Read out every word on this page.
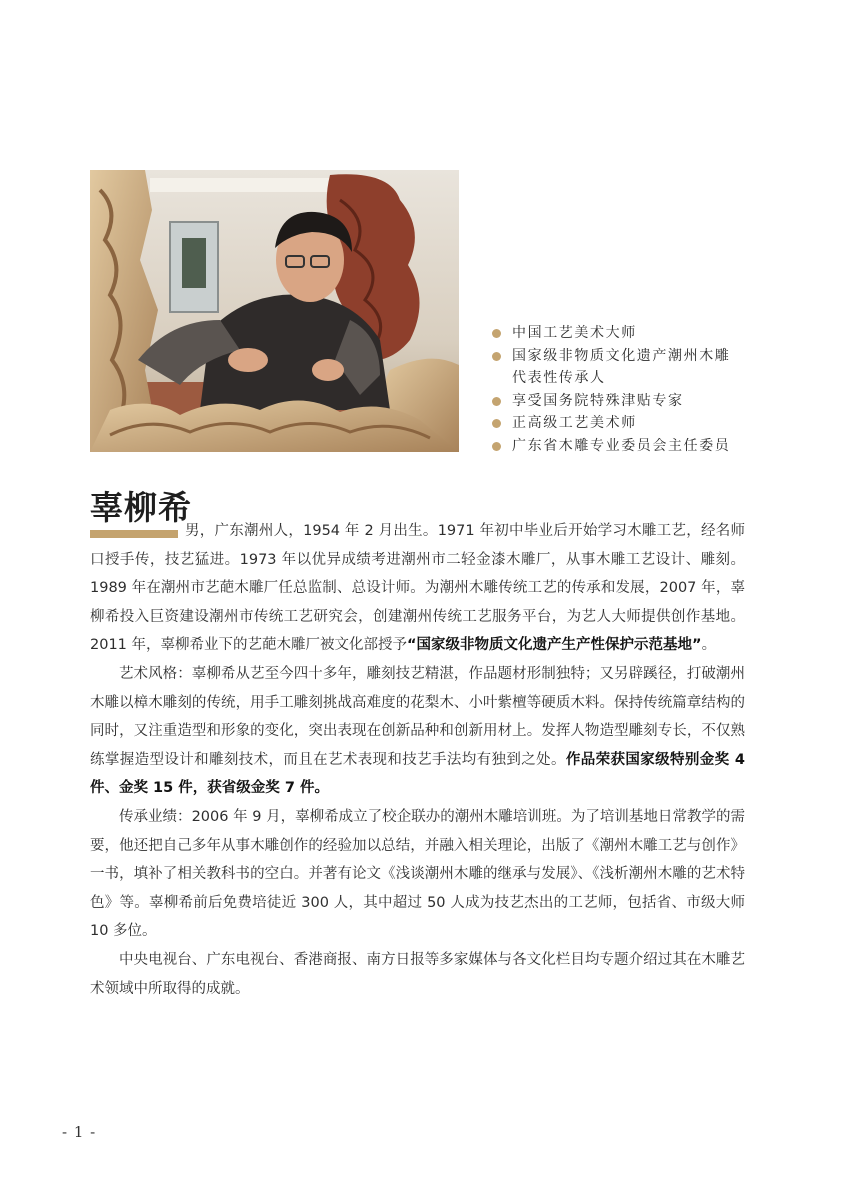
中国工艺美术大师
国家级非物质文化遗产潮州木雕
代表性传承人
享受国务院特殊津贴专家
正高级工艺美术师
广东省木雕专业委员会主任委员
辜柳希

男，广东潮州人，1954 年 2 月出生。1971 年初中毕业后开始学习木雕工艺，经名师口授手传，技艺猛进。1973 年以优异成绩考进潮州市二轻金漆木雕厂，从事木雕工艺设计、雕刻。1989 年在潮州市艺葩木雕厂任总监制、总设计师。为潮州木雕传统工艺的传承和发展，2007 年，辜柳希投入巨资建设潮州市传统工艺研究会，创建潮州传统工艺服务平台，为艺人大师提供创作基地。2011 年，辜柳希业下的艺葩木雕厂被文化部授予“国家级非物质文化遗产生产性保护示范基地”。

艺术风格：辜柳希从艺至今四十多年，雕刻技艺精湛，作品题材形制独特；又另辟蹊径，打破潮州木雕以樟木雕刻的传统，用手工雕刻挑战高难度的花梨木、小叶紫檀等硬质木料。保持传统篇章结构的同时，又注重造型和形象的变化，突出表现在创新品种和创新用材上。发挥人物造型雕刻专长，不仅熟练掌握造型设计和雕刻技术，而且在艺术表现和技艺手法均有独到之处。作品荣获国家级特别金奖 4 件、金奖 15 件，获省级金奖 7 件。

传承业绩：2006 年 9 月，辜柳希成立了校企联办的潮州木雕培训班。为了培训基地日常教学的需要，他还把自己多年从事木雕创作的经验加以总结，并融入相关理论，出版了《潮州木雕工艺与创作》一书，填补了相关教科书的空白。并著有论文《浅谈潮州木雕的继承与发展》、《浅析潮州木雕的艺术特色》等。辜柳希前后免费培徒近 300 人，其中超过 50 人成为技艺杰出的工艺师，包括省、市级大师 10 多位。

中央电视台、广东电视台、香港商报、南方日报等多家媒体与各文化栏目均专题介绍过其在木雕艺术领域中所取得的成就。

- 1 -
